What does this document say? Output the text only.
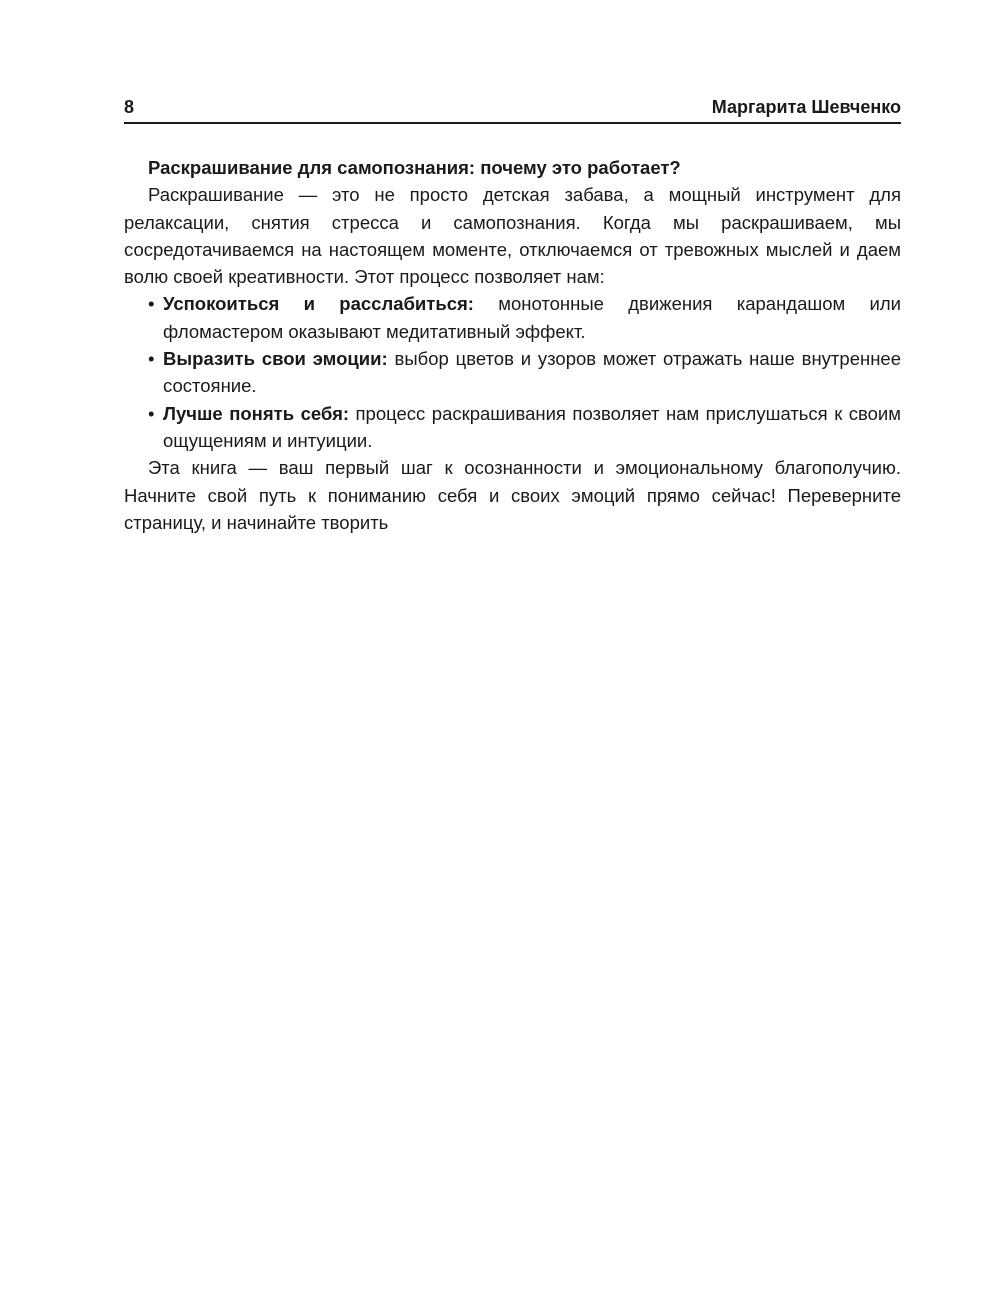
8	Маргарита Шевченко

Раскрашивание для самопознания: почему это работает?

Раскрашивание — это не просто детская забава, а мощный инструмент для релаксации, снятия стресса и самопознания. Когда мы раскрашиваем, мы сосредотачиваемся на настоящем моменте, отключаемся от тревожных мыслей и даем волю своей креативности. Этот процесс позволяет нам:

• Успокоиться и расслабиться: монотонные движения карандашом или фломастером оказывают медитативный эффект.
• Выразить свои эмоции: выбор цветов и узоров может отражать наше внутреннее состояние.
• Лучше понять себя: процесс раскрашивания позволяет нам прислушаться к своим ощущениям и интуиции.

Эта книга — ваш первый шаг к осознанности и эмоциональному благополучию. Начните свой путь к пониманию себя и своих эмоций прямо сейчас! Переверните страницу, и начинайте творить
